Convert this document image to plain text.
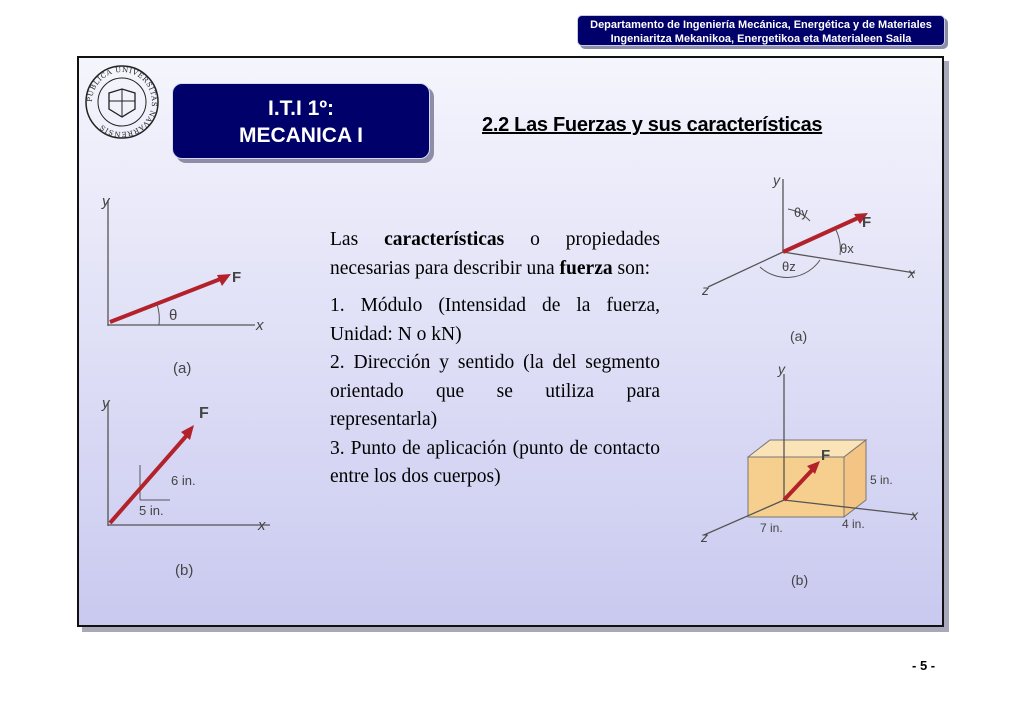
Departamento de Ingeniería Mecánica, Energética y de Materiales
Ingeniaritza Mekanikoa, Energetikoa eta Materialeen Saila
PUBLICA UNIVERSITAS NAVARRENSIS
I.T.I 1º:
MECANICA I	2.2 Las Fuerzas y sus características

Las características o propiedades necesarias para describir una fuerza son:

1. Módulo (Intensidad de la fuerza, Unidad: N o kN)

2. Dirección y sentido (la del segmento orientado que se utiliza para representarla)

3. Punto de aplicación (punto de contacto entre los dos cuerpos)

y
x
F
θ
(a)
y
x
F
6 in.
5 in.
(b)
y
x
z
F
θy
θx
θz
(a)
y
x
z
F
5 in.
4 in.
7 in.
(b)
- 5 -
